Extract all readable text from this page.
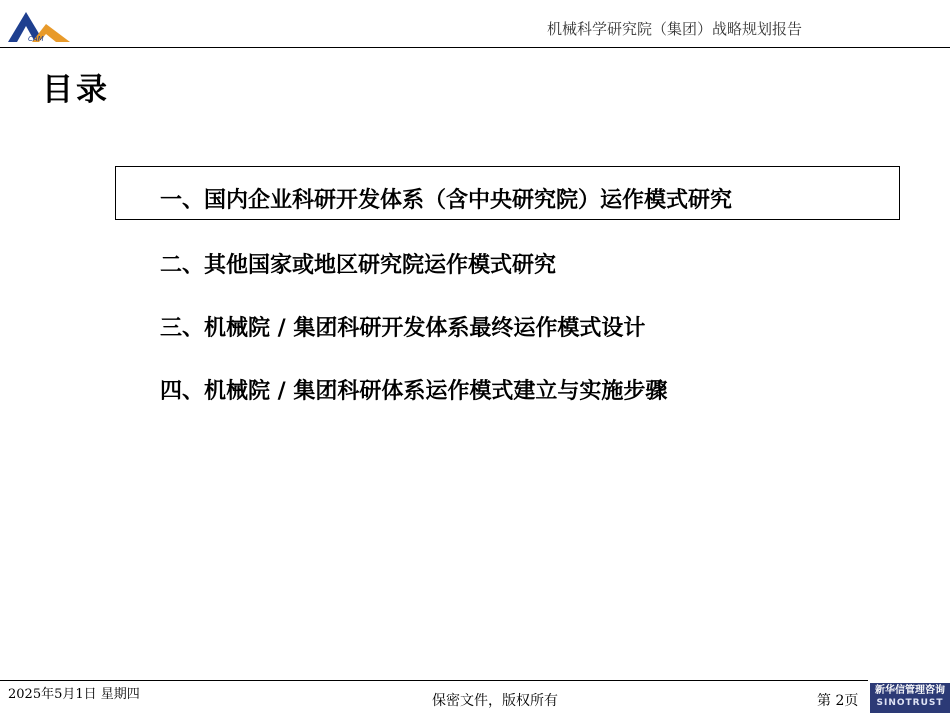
CAM
机械科学研究院（集团）战略规划报告
目录
一、国内企业科研开发体系（含中央研究院）运作模式研究
二、其他国家或地区研究院运作模式研究
三、机械院 / 集团科研开发体系最终运作模式设计
四、机械院 / 集团科研体系运作模式建立与实施步骤
2025年5月1日 星期四	保密文件，版权所有	第 2页
新华信管理咨询
SINOTRUST
